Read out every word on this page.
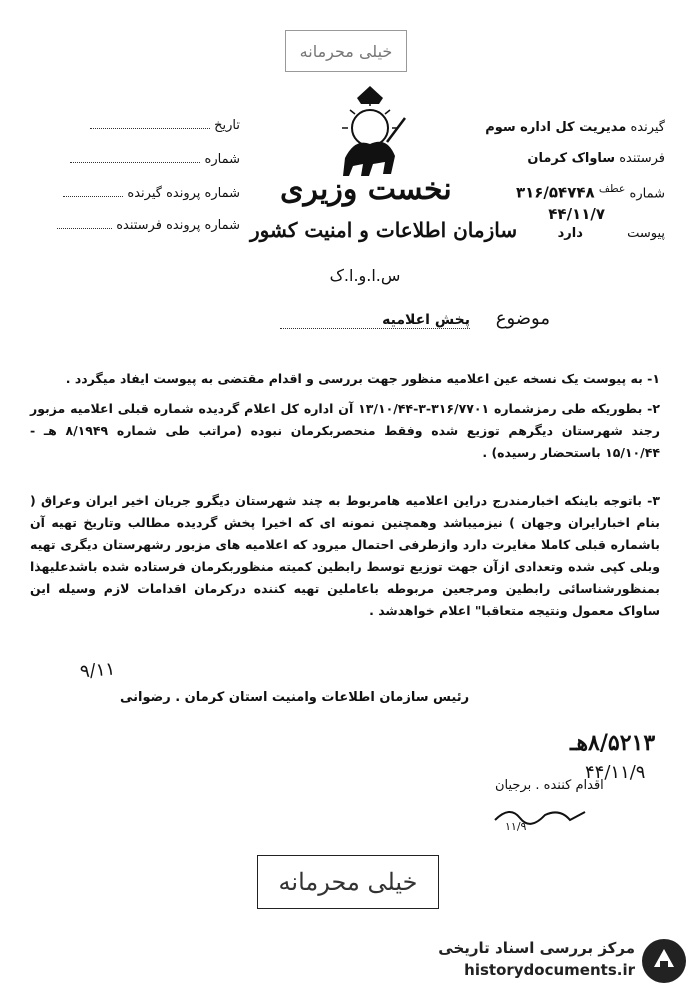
خیلی محرمانه
نخست وزیری
سازمان اطلاعات و امنیت کشور
س.ا.و.ا.ک
تاریخ
شماره
شماره پرونده گیرنده
شماره پرونده فرستنده
گیرنده مدیریت کل اداره سوم
فرستنده ساواک کرمان
شماره $^{عطف}$ ۳۱۶/۵۴۷۴۸
۴۴/۱۱/۷
پیوست دارد
موضوع پخش اعلامیه
۱- به پیوست یک نسخه عین اعلامیه منظور جهت بررسی و اقدام مقتضی به پیوست ایفاد میگردد .
۲- بطوریکه طی رمزشماره ۳۱۶/۷۷۰۱-۳-۱۳/۱۰/۴۴ آن اداره کل اعلام گردیده شماره قبلی اعلامیه مزبور رجند شهرستان دیگرهم توزیع شده وفقط منحصربکرمان نبوده (مراتب طی شماره ۸/۱۹۴۹ هـ - ۱۵/۱۰/۴۴ باستحضار رسیده) .
۳- باتوجه باینکه اخبارمندرج دراین اعلامیه هامربوط به چند شهرستان دیگرو جریان اخیر ایران وعراق ( بنام اخبارایران وجهان ) نیزمیباشد وهمچنین نمونه ای که اخیرا پخش گردیده مطالب وتاریخ تهیه آن باشماره قبلی کاملا مغایرت دارد وازطرفی احتمال میرود که اعلامیه های مزبور رشهرستان دیگری تهیه وبلی کپی شده وتعدادی ازآن جهت توزیع توسط رابطین کمیته منظوربکرمان فرستاده شده باشدعلیهذا بمنظورشناسائی رابطین ومرجعین مربوطه باعاملین تهیه کننده درکرمان اقدامات لازم وسیله این ساواک معمول ونتیجه متعاقبا" اعلام خواهدشد .
۹/۱۱
رئیس سازمان اطلاعات وامنیت استان کرمان . رضوانی
۸/۵۲۱۳هـ
۴۴/۱۱/۹
اقدام کننده . برجیان
۱۱/۹
خیلی محرمانه
مرکز بررسی اسناد تاریخی
historydocuments.ir
